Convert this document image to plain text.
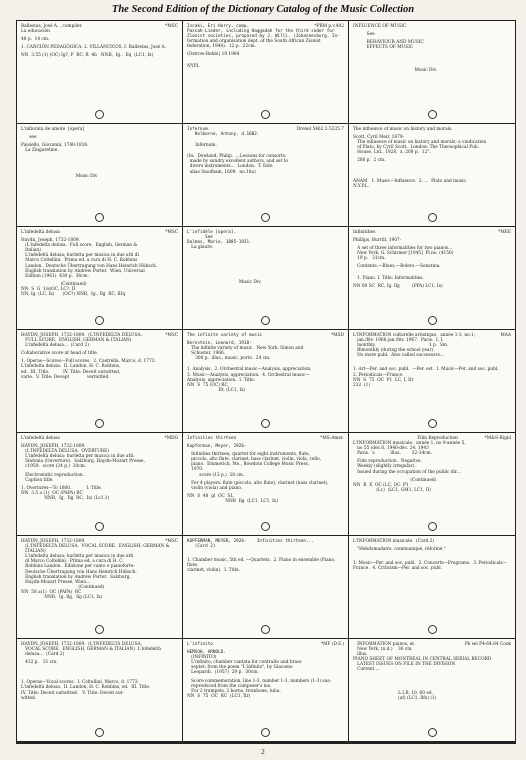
The Second Edition of the Dictionary Catalog of the Music Collection
*MSC
Ballestas, José A. , compiler.
La educación
48 p.  14 cm.
1. CANCIÓN PEDAGÓGICA. 2. VILLANCICOS. I. Ballestas, José A.
NN  3.55 (1) (OC) Ig?, P  RC, R  4b   NNB,  Ig.,  Ilq  (LC1, Ix)
*PBM p.v.402
Iscaki, Eri Harry, comp.
Passah-Lieder, including Haggadah for the third seder for
Zionist societies, prepared by J. Willi. (Johannesburg, In-
formation and organisation dept. of the South African Zionist
federation, 1944).  12 p.  22cm.
(Ostrow-Rebbi) 18 1964
NYPL
INFLUENCE OF MUSIC
See
BEHAVIOUR AND MUSIC
EFFECTS OF MUSIC
Music Div.
L'infiorata de amore  [opera]
see
Paisiello, Giovanni, 1740-1816.
La Zingaretine.
Music Div
Drexel 5462.2-5235.7
Infernum.
Holborne, Antony, d.1602.
Infernum.
(In:  Dowland, Philip.  ...Lessons for consorts:
made by sundry excellent authors, and set to
divers instruments...  London:  T. Este
alias Snodham, 1609.  no.18a)
The influence of music on history and morals.
Scott, Cyril Meir, 1879-
The influence of music on history and morals; a vindication
of Plato, by Cyril Scott.  London: The Theosophical Pub.
House, Ltd., 1928.  x, 208 p.  12°.
286 p.  2 cm.
ANAM   1. Music—Influence.  2. ...  Plato and music.
N.Y.P.L.
*MSC
L'infedeltà delusa
Haydn, Joseph, 1732-1809.
(L'infedelta delusa.  Full score.  English, German &
Italian)
L'infedeltà delusa; burletta per musica in due atti di
Marco Coltellini.  Prima ed. a cura di H. C. Robbins
Landon.  Deutsche Übertragung von Hans Heinrich Hübsch.
English translation by Andrew Porter.  Wien, Universal
Edition (1961)  430 p.  36cm.
(Continued)
NN  S  G  1/s(OC, LC?, II
NN, Ig. (LC, Ix)      (OC?) NNB,  Ig., Ilg  RC, IIIq
L'infidèle [opera].
See
Dalmas, Marie, 1885-1931.
La glaure.
Music Div.
*MEE
Infinitities
Phillips, Burrill, 1907-
A set of three informalities for two pianos...
New York, G. Schirmer [1945]  Pl.no. (4150)
19 p.   31cm.
Contents.—Blues,—Bolero.—Sonatina.
1. Piano. I. Title: Informalities.
NN 00 SC  RC, Ig. Ilg         (PPA) LC1, Ix)
*MSC
HAYDN, JOSEPH, 1732-1809.  (L'INFEDELTA DELUSA.
FULL SCORE.  ENGLISH, GERMAN & ITALIAN)
L'infedeltà delusa...  (Card 2)
Collaborative score at head of title.
1. Operas—Scores—Full scores.  2. Castrella. Marco, d. 1773.
L'infedelta delusa.  II. Landon, H. C. Robbins,
ed.  III. Title.          IV. Title: Deceit outwitted,
varie.  V. Title: Decept             vermitted.
*MSD
The infinite variety of music
Bernstein, Leonard, 1918-
The infinite variety of music.  New York, Simon and
Schuster, 1966.
300 p.  illus., music, ports.  24 cm.
1. Analysis.  2. Orchestral music—Analysis, appreciation.
3. Music—Analysis, appreciation.  4. Orchestral music—
Analysis, appreciation.  I. Title.
NN  S  75 (OC) RC,
IIr, (LC1, Ix)
MAA
L'INFORMATION culturelle artistique.  année 1-3, no.1;
jan./fév. 1966-jan./fév. 1967.  Paris.  I, I.
monthly.                                       1 p.  Sm.
Bimonthly (during the school year).
No more publ.  Also called successors...
1. Art—Per. and soc. publ.  —Per. est.  I. Music—Per. and soc. publ.
2. Periodicals—France.
NN  S  75  OC  P1  LC, I, IIr
212  (1)
*MDG
L'infedeltà delusa
HAYDN, JOSEPH, 1732-1809.
(L'INFEDELTA DELUSA.  OVERTURE)
L'infedeltà delusa: burletta per musica in due atti.
Sinfonia (Ouverture).  Salzburg, Haydn-Mozart Presse,
c1959.  score (24 p.)  30cm.
Electrostatic reproduction.
Caption title.
1. Overtures—To 1800.           I. Title.
NN  3.5 a (1)  OC (PAPA) RC
NNR,  Ig,  Ilg  RC,  Ix) (Lc1,1)
*MS-Amer.
Infinities thirteen
Kupferman, Meyer, 1926-
Infinities thirteen; quartet for eight instruments, flute,
piccolo, alto flute, clarinet, bass clarinet, violin, viola, cello,
piano.  Emmerich, Mo., Bowdoin College Music Press,
1970.
score (13 p.)  28 cm.
For 4 players: flute (piccolo, alto flute), clarinet (bass clarinet),
violin (viola) and piano.
NN  S  48  gl  OC  SL
NNB  Ilg  (LC1, LC1, Ix)
*M&S-Rigid
Film Reproduction
L'INFORMATION musicale.  année 1, no 9-année 5,
no 55 (dec.6, 1940-déc. 24, 1943
Paris.  v.           illus.        32-34cm.
Film reproduction.  Negative.
Weekly (slightly irregular).
Issued during the occupation of the public dir...
(Continued)
NN  R  X  OC (LC, OC. P1
(Lc)  (LC1, GM1, LC1, II)
*MSC
HAYDN, JOSEPH, 1732-1809.
(L'INFEDELTA DELUSA.  VOCAL SCORE.  ENGLISH, GERMAN &
ITALIAN)
L'infedeltà delusa; burletta per musica in due atti
di Marco Coltellini.  Prima ed. a cura di H. C.
Robbins Landon.  Edizione per canto e pianoforte:
Deutsche Übertragung von Hans Heinrich Hübsch.
English translation by Andrew Porter.  Salzburg,
Haydn-Mozart Presse, Wien...
(Continued)
NN  58 a(1)  OC (PAPA)  RC
NNB,  Ig. Ilg,  Ilg (LC1, Ix)
KUPFERMAN, MEYER, 1926-    Infinities thirteen...
(Card 2)
1. Chamber music, 5th ed. —Quartets.  2. Piano in ensemble (Piano, flute,
clarinet, violin).  I. Title.
L'INFORMATION musicale.  (Card 2)
"Hebdomadaire, communiqué, réformé."
1. Music—Per. and soc. publ.  2. Concerts—Programs.  3. Periodicals—
France.  4. Criticism—Per. and soc. publ.
HAYDN, JOSEPH, 1732-1809.  (L'INFEDELTA DELUSA.
VOCAL SCORE.  ENGLISH, GERMAN & ITALIAN)  L'infedeltà
delusa...  (Card 2)
432 p.   31 cm.
1. Operas—Vocal scores.  I. Coltellini, Marco, d. 1773.
L'infedeltà delusa.  II. Landon, H. C. Robbins, ed.  III. Title.
IV. Title: Deceit outwitted.   V. Title: Deceit out-
witted.
*MF (D.S.)
L'infinito
HEMSOH, ARNOLD.
(INFINITO)
L'infinito; chamber cantata for contralto and brass
septet; from the poem "L'infinito", by Giacomo
Leopardi.  (1957)  29 p.  30cm.
Score commemoration, line 1-3, number 1-3, numbers (1-3) sus;
reproduced from the composer's ms.
For 2 trumpets, 2 horns, trombone, tuba.
NN  S  75  OC  RC  (LC1, IIr)
Pk sei P4-64.84 Cook
INFORMATION pianos, et.
New York, (n.d.)    36 cm.
illus.
PIANO SHEET OF MONTREAL IN CENTRAL SERIAL RECORD
LATEST ISSUES ON FILE IN THE DIVISION
Current ...
L.I.R. 10. 60 ed.
(af) (LC1, Ilfx) (1)
2
